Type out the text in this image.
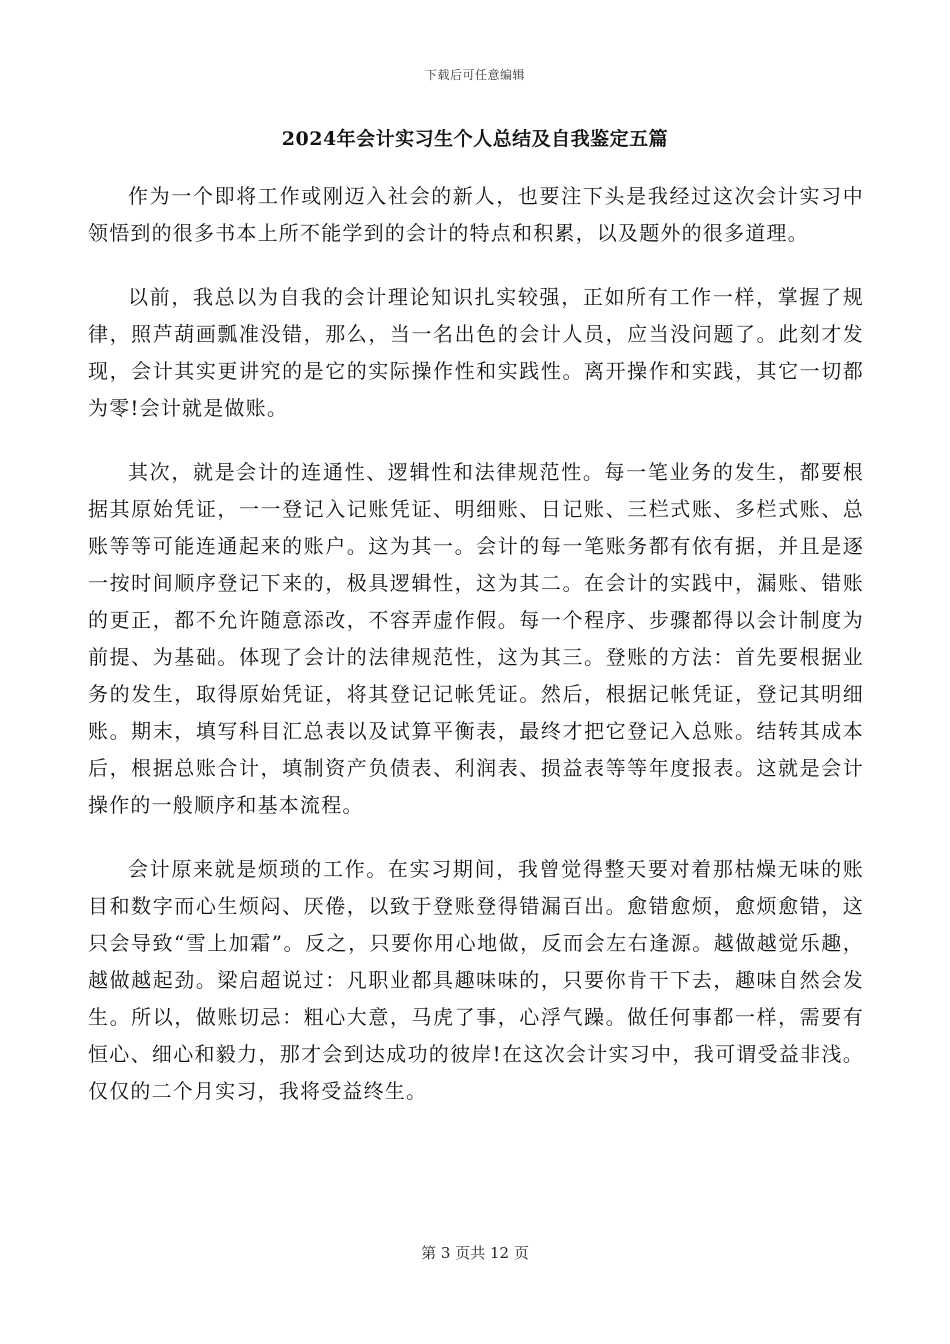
下载后可任意编辑
2024年会计实习生个人总结及自我鉴定五篇

作为一个即将工作或刚迈入社会的新人，也要注下头是我经过这次会计实习中领悟到的很多书本上所不能学到的会计的特点和积累，以及题外的很多道理。

以前，我总以为自我的会计理论知识扎实较强，正如所有工作一样，掌握了规律，照芦葫画瓢准没错，那么，当一名出色的会计人员，应当没问题了。此刻才发现，会计其实更讲究的是它的实际操作性和实践性。离开操作和实践，其它一切都为零!会计就是做账。

其次，就是会计的连通性、逻辑性和法律规范性。每一笔业务的发生，都要根据其原始凭证，一一登记入记账凭证、明细账、日记账、三栏式账、多栏式账、总账等等可能连通起来的账户。这为其一。会计的每一笔账务都有依有据，并且是逐一按时间顺序登记下来的，极具逻辑性，这为其二。在会计的实践中，漏账、错账的更正，都不允许随意添改，不容弄虚作假。每一个程序、步骤都得以会计制度为前提、为基础。体现了会计的法律规范性，这为其三。登账的方法：首先要根据业务的发生，取得原始凭证，将其登记记帐凭证。然后，根据记帐凭证，登记其明细账。期末，填写科目汇总表以及试算平衡表，最终才把它登记入总账。结转其成本后，根据总账合计，填制资产负债表、利润表、损益表等等年度报表。这就是会计操作的一般顺序和基本流程。

会计原来就是烦琐的工作。在实习期间，我曾觉得整天要对着那枯燥无味的账目和数字而心生烦闷、厌倦，以致于登账登得错漏百出。愈错愈烦，愈烦愈错，这只会导致“雪上加霜”。反之，只要你用心地做，反而会左右逢源。越做越觉乐趣，越做越起劲。梁启超说过：凡职业都具趣味味的，只要你肯干下去，趣味自然会发生。所以，做账切忌：粗心大意，马虎了事，心浮气躁。做任何事都一样，需要有恒心、细心和毅力，那才会到达成功的彼岸!在这次会计实习中，我可谓受益非浅。仅仅的二个月实习，我将受益终生。

第 3 页共 12 页
